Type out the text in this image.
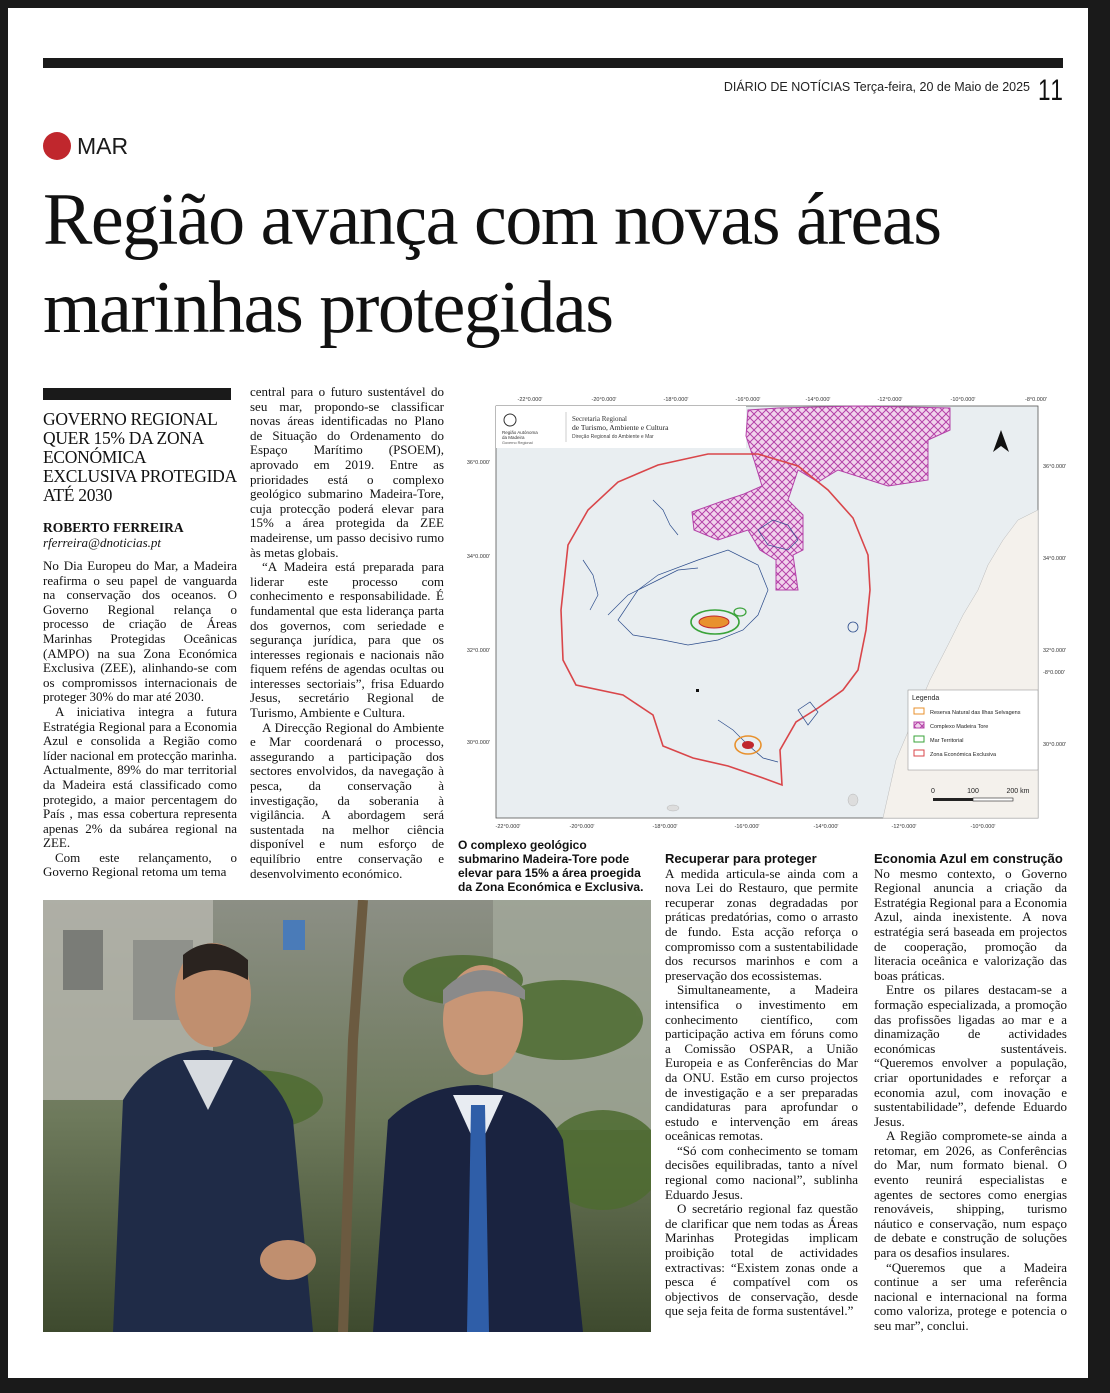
DIÁRIO DE NOTÍCIAS Terça-feira, 20 de Maio de 2025 11
MAR
Região avança com novas áreas marinhas protegidas
GOVERNO REGIONAL QUER 15% DA ZONA ECONÓMICA EXCLUSIVA PROTEGIDA ATÉ 2030
ROBERTO FERREIRA
rferreira@dnoticias.pt

No Dia Europeu do Mar, a Madeira reafirma o seu papel de vanguarda na conservação dos oceanos. O Governo Regional relança o processo de criação de Áreas Marinhas Protegidas Oceânicas (AMPO) na sua Zona Económica Exclusiva (ZEE), alinhando-se com os compromissos internacionais de proteger 30% do mar até 2030.

A iniciativa integra a futura Estratégia Regional para a Economia Azul e consolida a Região como líder nacional em protecção marinha. Actualmente, 89% do mar territorial da Madeira está classificado como protegido, a maior percentagem do País , mas essa cobertura representa apenas 2% da subárea regional na ZEE.

Com este relançamento, o Governo Regional retoma um tema

central para o futuro sustentável do seu mar, propondo-se classificar novas áreas identificadas no Plano de Situação do Ordenamento do Espaço Marítimo (PSOEM), aprovado em 2019. Entre as prioridades está o complexo geológico submarino Madeira-Tore, cuja protecção poderá elevar para 15% a área protegida da ZEE madeirense, um passo decisivo rumo às metas globais.

“A Madeira está preparada para liderar este processo com conhecimento e responsabilidade. É fundamental que esta liderança parta dos governos, com seriedade e segurança jurídica, para que os interesses regionais e nacionais não fiquem reféns de agendas ocultas ou interesses sectoriais”, frisa Eduardo Jesus, secretário Regional de Turismo, Ambiente e Cultura.

A Direcção Regional do Ambiente e Mar coordenará o processo, assegurando a participação dos sectores envolvidos, da navegação à pesca, da conservação à investigação, da soberania à vigilância. A abordagem será sustentada na melhor ciência disponível e num esforço de equilíbrio entre conservação e desenvolvimento económico.

-22°0.000'	-20°0.000'	-18°0.000'	-16°0.000'	-14°0.000'	-12°0.000'	-10°0.000'	-8°0.000'
-22°0.000'	-20°0.000'	-18°0.000'	-16°0.000'	-14°0.000'	-12°0.000'	-10°0.000'
36°0.000'
34°0.000'
32°0.000'
30°0.000'
36°0.000'
34°0.000'
32°0.000'
-8°0.000'
30°0.000'
Região Autónoma
da Madeira
Governo Regional
Secretaria Regional
de Turismo, Ambiente e Cultura
Direção Regional do Ambiente e Mar
Legenda
Reserva Natural das Ilhas Selvagens
Complexo Madeira Tore
Mar Territorial
Zona Económica Exclusiva
0	100	200 km
O complexo geológico submarino Madeira-Tore pode elevar para 15% a área proegida da Zona Económica e Exclusiva.

Recuperar para proteger

A medida articula-se ainda com a nova Lei do Restauro, que permite recuperar zonas degradadas por práticas predatórias, como o arrasto de fundo. Esta acção reforça o compromisso com a sustentabilidade dos recursos marinhos e com a preservação dos ecossistemas.

Simultaneamente, a Madeira intensifica o investimento em conhecimento científico, com participação activa em fóruns como a Comissão OSPAR, a União Europeia e as Conferências do Mar da ONU. Estão em curso projectos de investigação e a ser preparadas candidaturas para aprofundar o estudo e intervenção em áreas oceânicas remotas.

“Só com conhecimento se tomam decisões equilibradas, tanto a nível regional como nacional”, sublinha Eduardo Jesus.

O secretário regional faz questão de clarificar que nem todas as Áreas Marinhas Protegidas implicam proibição total de actividades extractivas: “Existem zonas onde a pesca é compatível com os objectivos de conservação, desde que seja feita de forma sustentável.”

Economia Azul em construção

No mesmo contexto, o Governo Regional anuncia a criação da Estratégia Regional para a Economia Azul, ainda inexistente. A nova estratégia será baseada em projectos de cooperação, promoção da literacia oceânica e valorização das boas práticas.

Entre os pilares destacam-se a formação especializada, a promoção das profissões ligadas ao mar e a dinamização de actividades económicas sustentáveis. “Queremos envolver a população, criar oportunidades e reforçar a economia azul, com inovação e sustentabilidade”, defende Eduardo Jesus.

A Região compromete-se ainda a retomar, em 2026, as Conferências do Mar, num formato bienal. O evento reunirá especialistas e agentes de sectores como energias renováveis, shipping, turismo náutico e conservação, num espaço de debate e construção de soluções para os desafios insulares.

“Queremos que a Madeira continue a ser uma referência nacional e internacional na forma como valoriza, protege e potencia o seu mar”, conclui.
